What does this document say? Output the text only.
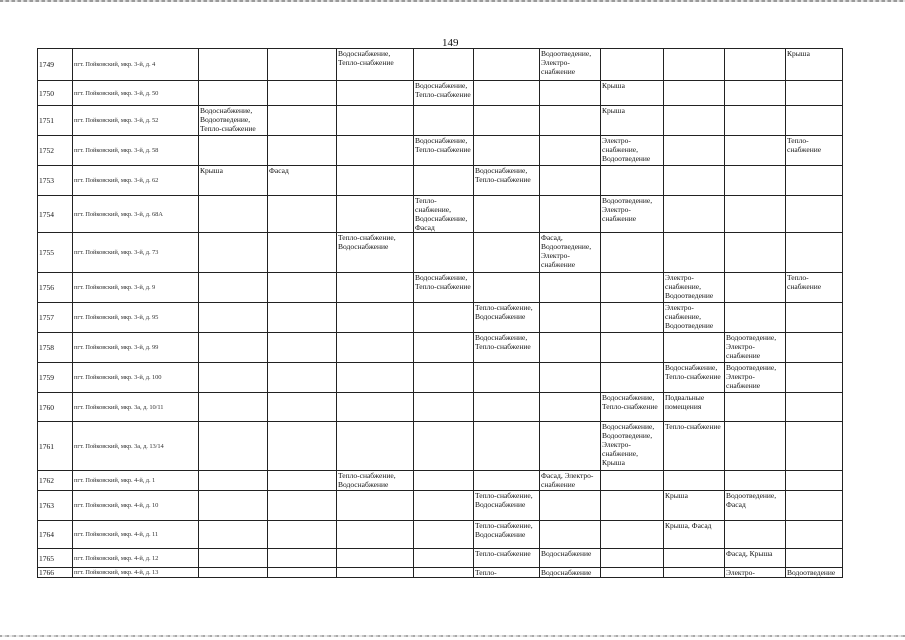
149
1749	пгт. Пойковский, мкр. 3-й, д. 4			Водоснабжение, Тепло-снабжение			Водоотведение, Электро-снабжение				Крыша
1750	пгт. Пойковский, мкр. 3-й, д. 50				Водоснабжение, Тепло-снабжение			Крыша			
1751	пгт. Пойковский, мкр. 3-й, д. 52	Водоснабжение, Водоотведение, Тепло-снабжение						Крыша			
1752	пгт. Пойковский, мкр. 3-й, д. 58				Водоснабжение, Тепло-снабжение			Электро-снабжение, Водоотведение			Тепло-снабжение
1753	пгт. Пойковский, мкр. 3-й, д. 62	Крыша	Фасад			Водоснабжение, Тепло-снабжение					
1754	пгт. Пойковский, мкр. 3-й, д. 68А				Тепло-снабжение, Водоснабжение, Фасад			Водоотведение, Электро-снабжение			
1755	пгт. Пойковский, мкр. 3-й, д. 73			Тепло-снабжение, Водоснабжение			Фасад, Водоотведение, Электро-снабжение				
1756	пгт. Пойковский, мкр. 3-й, д. 9				Водоснабжение, Тепло-снабжение				Электро-снабжение, Водоотведение		Тепло-снабжение
1757	пгт. Пойковский, мкр. 3-й, д. 95					Тепло-снабжение, Водоснабжение			Электро-снабжение, Водоотведение		
1758	пгт. Пойковский, мкр. 3-й, д. 99					Водоснабжение, Тепло-снабжение				Водоотведение, Электро-снабжение	
1759	пгт. Пойковский, мкр. 3-й, д. 100								Водоснабжение, Тепло-снабжение	Водоотведение, Электро-снабжение	
1760	пгт. Пойковский, мкр. 3а, д. 10/11							Водоснабжение, Тепло-снабжение	Подвальные помещения		
1761	пгт. Пойковский, мкр. 3а, д. 13/14							Водоснабжение, Водоотведение, Электро-снабжение, Крыша	Тепло-снабжение		
1762	пгт. Пойковский, мкр. 4-й, д. 1			Тепло-снабжение, Водоснабжение			Фасад, Электро-снабжение				
1763	пгт. Пойковский, мкр. 4-й, д. 10					Тепло-снабжение, Водоснабжение			Крыша	Водоотведение, Фасад	
1764	пгт. Пойковский, мкр. 4-й, д. 11					Тепло-снабжение, Водоснабжение			Крыша, Фасад		
1765	пгт. Пойковский, мкр. 4-й, д. 12					Тепло-снабжение	Водоснабжение			Фасад, Крыша	
1766	пгт. Пойковский, мкр. 4-й, д. 13					Тепло-	Водоснабжение			Электро-	Водоотведение
